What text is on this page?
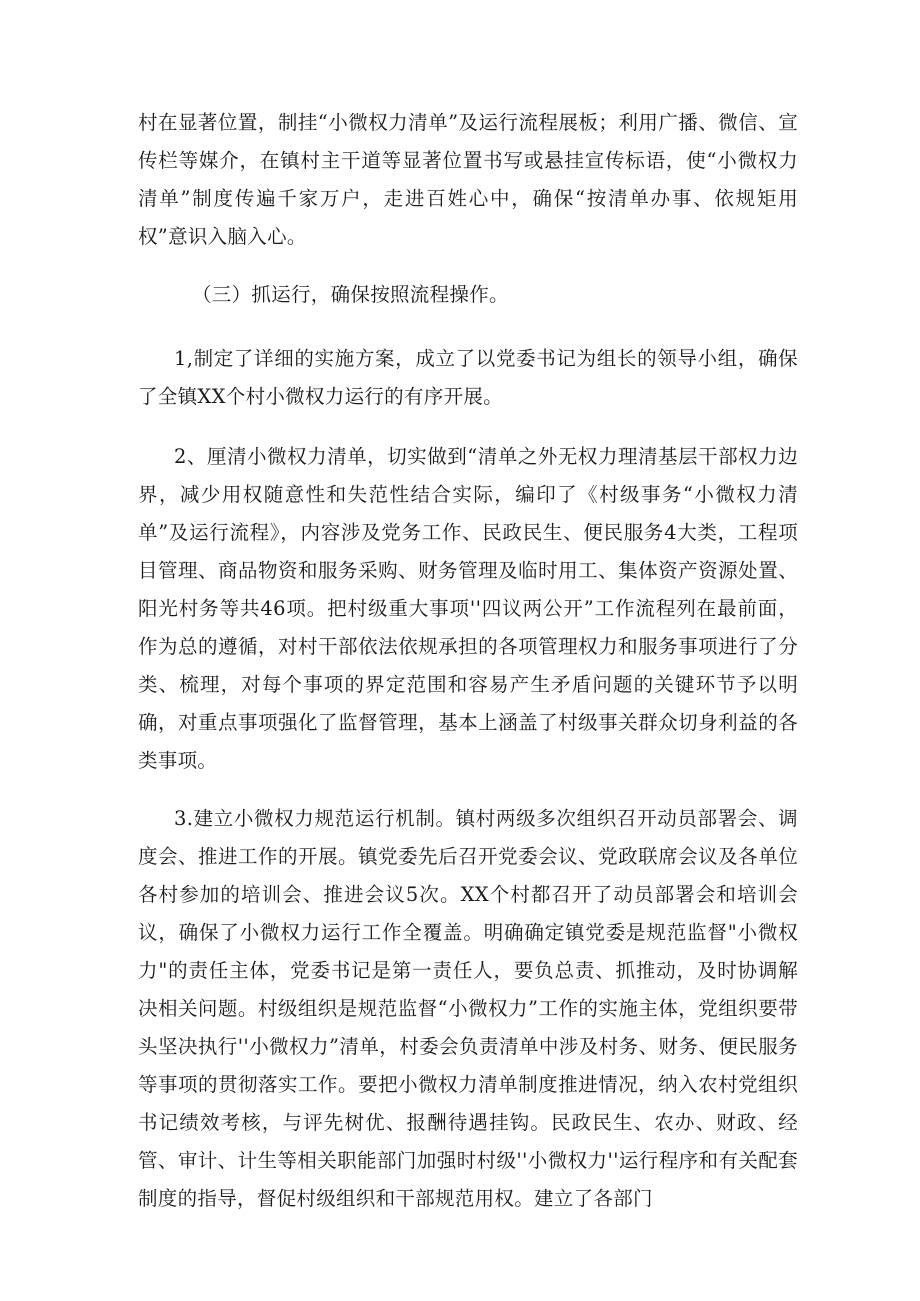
村在显著位置，制挂“小微权力清单”及运行流程展板；利用广播、微信、宣传栏等媒介，在镇村主干道等显著位置书写或悬挂宣传标语，使“小微权力清单”制度传遍千家万户，走进百姓心中，确保“按清单办事、依规矩用权”意识入脑入心。

（三）抓运行，确保按照流程操作。

1,制定了详细的实施方案，成立了以党委书记为组长的领导小组，确保了全镇XX个村小微权力运行的有序开展。

2、厘清小微权力清单，切实做到“清单之外无权力理清基层干部权力边界，减少用权随意性和失范性结合实际，编印了《村级事务“小微权力清单”及运行流程》，内容涉及党务工作、民政民生、便民服务4大类，工程项目管理、商品物资和服务采购、财务管理及临时用工、集体资产资源处置、阳光村务等共46项。把村级重大事项''四议两公开”工作流程列在最前面，作为总的遵循，对村干部依法依规承担的各项管理权力和服务事项进行了分类、梳理，对每个事项的界定范围和容易产生矛盾问题的关键环节予以明确，对重点事项强化了监督管理，基本上涵盖了村级事关群众切身利益的各类事项。

3.建立小微权力规范运行机制。镇村两级多次组织召开动员部署会、调度会、推进工作的开展。镇党委先后召开党委会议、党政联席会议及各单位各村参加的培训会、推进会议5次。XX个村都召开了动员部署会和培训会议，确保了小微权力运行工作全覆盖。明确确定镇党委是规范监督"小微权力"的责任主体，党委书记是第一责任人，要负总责、抓推动，及时协调解决相关问题。村级组织是规范监督“小微权力”工作的实施主体，党组织要带头坚决执行''小微权力”清单，村委会负责清单中涉及村务、财务、便民服务等事项的贯彻落实工作。要把小微权力清单制度推进情况，纳入农村党组织书记绩效考核，与评先树优、报酬待遇挂钩。民政民生、农办、财政、经管、审计、计生等相关职能部门加强时村级''小微权力''运行程序和有关配套制度的指导，督促村级组织和干部规范用权。建立了各部门
